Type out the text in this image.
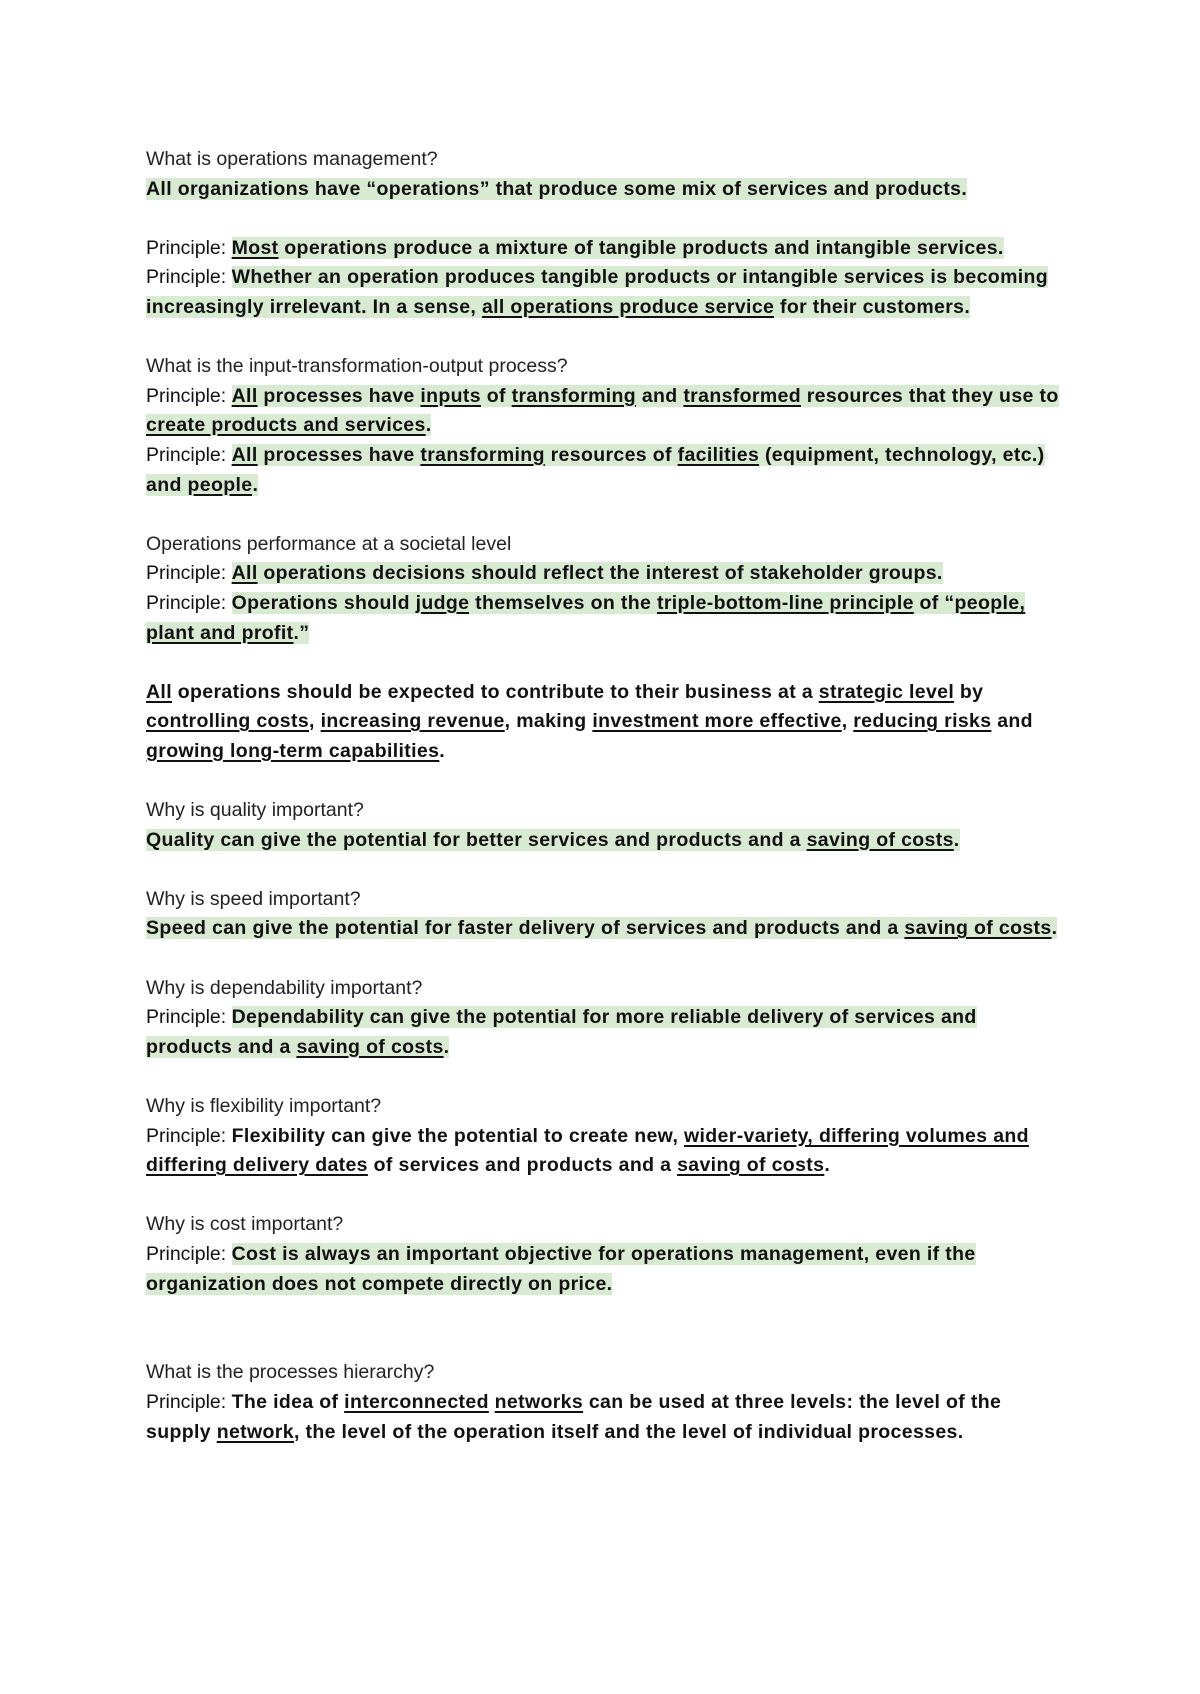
What is operations management?

All organizations have “operations” that produce some mix of services and products.

Principle: Most operations produce a mixture of tangible products and intangible services.

Principle: Whether an operation produces tangible products or intangible services is becoming increasingly irrelevant. In a sense, all operations produce service for their customers.

What is the input-transformation-output process?

Principle: All processes have inputs of transforming and transformed resources that they use to create products and services.

Principle: All processes have transforming resources of facilities (equipment, technology, etc.) and people.

Operations performance at a societal level

Principle: All operations decisions should reflect the interest of stakeholder groups.

Principle: Operations should judge themselves on the triple-bottom-line principle of “people, plant and profit.”

All operations should be expected to contribute to their business at a strategic level by controlling costs, increasing revenue, making investment more effective, reducing risks and growing long-term capabilities.

Why is quality important?

Quality can give the potential for better services and products and a saving of costs.

Why is speed important?

Speed can give the potential for faster delivery of services and products and a saving of costs.

Why is dependability important?

Principle: Dependability can give the potential for more reliable delivery of services and products and a saving of costs.

Why is flexibility important?

Principle: Flexibility can give the potential to create new, wider-variety, differing volumes and differing delivery dates of services and products and a saving of costs.

Why is cost important?

Principle: Cost is always an important objective for operations management, even if the organization does not compete directly on price.

What is the processes hierarchy?

Principle: The idea of interconnected networks can be used at three levels: the level of the supply network, the level of the operation itself and the level of individual processes.
